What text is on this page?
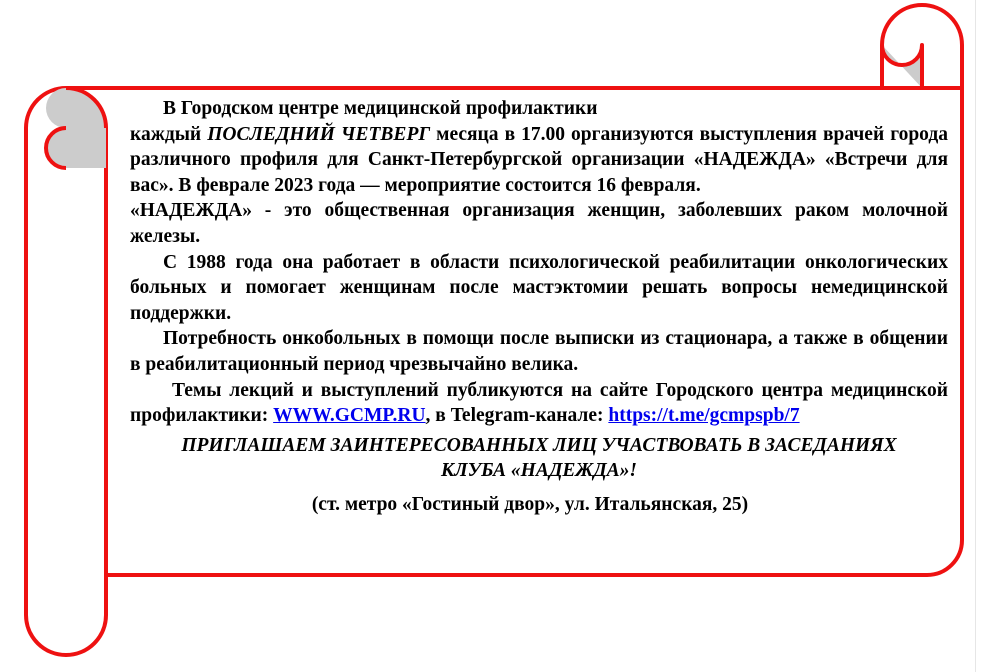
В Городском центре медицинской профилактики

каждый ПОСЛЕДНИЙ ЧЕТВЕРГ месяца в 17.00 организуются выступления врачей города различного профиля для Санкт-Петербургской организации «НАДЕЖДА» «Встречи для вас». В феврале 2023 года — мероприятие состоится 16 февраля.

«НАДЕЖДА» - это общественная организация женщин, заболевших раком молочной железы.

С 1988 года она работает в области психологической реабилитации онкологических больных и помогает женщинам после мастэктомии решать вопросы немедицинской поддержки.

Потребность онкобольных в помощи после выписки из стационара, а также в общении в реабилитационный период чрезвычайно велика.

Темы лекций и выступлений публикуются на сайте Городского центра медицинской профилактики: WWW.GCMP.RU, в Telegram-канале: https://t.me/gcmpspb/7

ПРИГЛАШАЕМ ЗАИНТЕРЕСОВАННЫХ ЛИЦ УЧАСТВОВАТЬ В ЗАСЕДАНИЯХ КЛУБА «НАДЕЖДА»!

(ст. метро «Гостиный двор», ул. Итальянская, 25)
